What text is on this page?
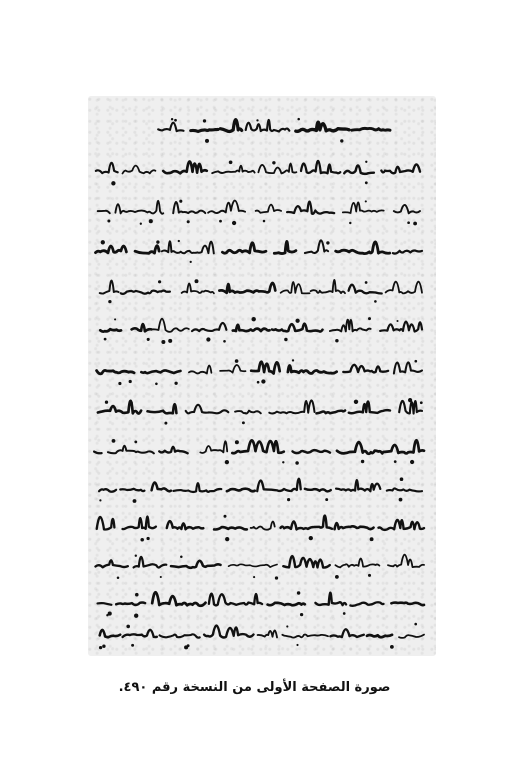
صورة الصفحة الأولى من النسخة رقم ٤٩٠.
